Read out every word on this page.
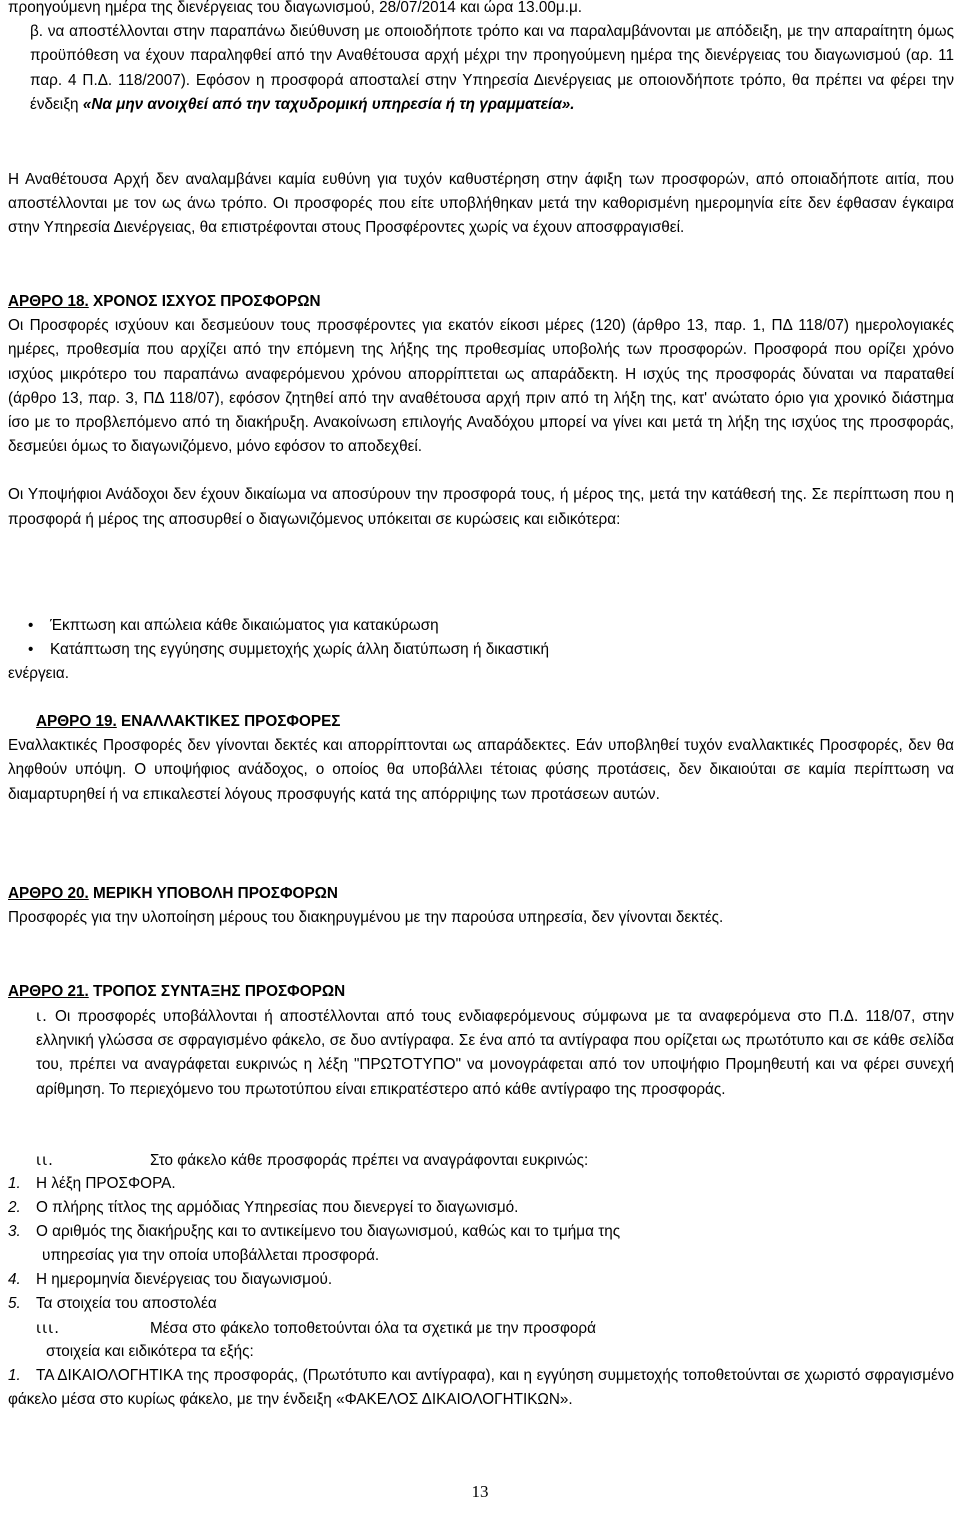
προηγούμενη ημέρα της διενέργειας του διαγωνισμού, 28/07/2014 και ώρα 13.00μ.μ.

β. να αποστέλλονται στην παραπάνω διεύθυνση με οποιοδήποτε τρόπο και να παραλαμβάνονται με απόδειξη, με την απαραίτητη όμως προϋπόθεση να έχουν παραληφθεί από την Αναθέτουσα αρχή μέχρι την προηγούμενη ημέρα της διενέργειας του διαγωνισμού (αρ. 11 παρ. 4 Π.Δ. 118/2007). Εφόσον η προσφορά αποσταλεί στην Υπηρεσία Διενέργειας με οποιονδήποτε τρόπο, θα πρέπει να φέρει την ένδειξη «Να μην ανοιχθεί από την ταχυδρομική υπηρεσία ή τη γραμματεία».

Η Αναθέτουσα Αρχή δεν αναλαμβάνει καμία ευθύνη για τυχόν καθυστέρηση στην άφιξη των προσφορών, από οποιαδήποτε αιτία, που αποστέλλονται με τον ως άνω τρόπο. Οι προσφορές που είτε υποβλήθηκαν μετά την καθορισμένη ημερομηνία είτε δεν έφθασαν έγκαιρα στην Υπηρεσία Διενέργειας, θα επιστρέφονται στους Προσφέροντες χωρίς να έχουν αποσφραγισθεί.

ΑΡΘΡΟ 18. ΧΡΟΝΟΣ ΙΣΧΥΟΣ ΠΡΟΣΦΟΡΩΝ

Οι Προσφορές ισχύουν και δεσμεύουν τους προσφέροντες για εκατόν είκοσι μέρες (120) (άρθρο 13, παρ. 1, ΠΔ 118/07) ημερολογιακές ημέρες, προθεσμία που αρχίζει από την επόμενη της λήξης της προθεσμίας υποβολής των προσφορών. Προσφορά που ορίζει χρόνο ισχύος μικρότερο του παραπάνω αναφερόμενου χρόνου απορρίπτεται ως απαράδεκτη. Η ισχύς της προσφοράς δύναται να παραταθεί (άρθρο 13, παρ. 3, ΠΔ 118/07), εφόσον ζητηθεί από την αναθέτουσα αρχή πριν από τη λήξη της, κατ' ανώτατο όριο για χρονικό διάστημα ίσο με το προβλεπόμενο από τη διακήρυξη. Ανακοίνωση επιλογής Αναδόχου μπορεί να γίνει και μετά τη λήξη της ισχύος της προσφοράς, δεσμεύει όμως το διαγωνιζόμενο, μόνο εφόσον το αποδεχθεί.

Οι Υποψήφιοι Ανάδοχοι δεν έχουν δικαίωμα να αποσύρουν την προσφορά τους, ή μέρος της, μετά την κατάθεσή της. Σε περίπτωση που η προσφορά ή μέρος της αποσυρθεί ο διαγωνιζόμενος υπόκειται σε κυρώσεις και ειδικότερα:

• Έκπτωση και απώλεια κάθε δικαιώματος για κατακύρωση
• Κατάπτωση της εγγύησης συμμετοχής χωρίς άλλη διατύπωση ή δικαστική

ενέργεια.

ΑΡΘΡΟ 19. ΕΝΑΛΛΑΚΤΙΚΕΣ ΠΡΟΣΦΟΡΕΣ

Εναλλακτικές Προσφορές δεν γίνονται δεκτές και απορρίπτονται ως απαράδεκτες. Εάν υποβληθεί τυχόν εναλλακτικές Προσφορές, δεν θα ληφθούν υπόψη. Ο υποψήφιος ανάδοχος, ο οποίος θα υποβάλλει τέτοιας φύσης προτάσεις, δεν δικαιούται σε καμία περίπτωση να διαμαρτυρηθεί ή να επικαλεστεί λόγους προσφυγής κατά της απόρριψης των προτάσεων αυτών.

ΑΡΘΡΟ 20. ΜΕΡΙΚΗ ΥΠΟΒΟΛΗ ΠΡΟΣΦΟΡΩΝ

Προσφορές για την υλοποίηση μέρους του διακηρυγμένου με την παρούσα υπηρεσία, δεν γίνονται δεκτές.

ΑΡΘΡΟ 21. ΤΡΟΠΟΣ ΣΥΝΤΑΞΗΣ ΠΡΟΣΦΟΡΩΝ

ι. Οι προσφορές υποβάλλονται ή αποστέλλονται από τους ενδιαφερόμενους σύμφωνα με τα αναφερόμενα στο Π.Δ. 118/07, στην ελληνική γλώσσα σε σφραγισμένο φάκελο, σε δυο αντίγραφα. Σε ένα από τα αντίγραφα που ορίζεται ως πρωτότυπο και σε κάθε σελίδα του, πρέπει να αναγράφεται ευκρινώς η λέξη "ΠΡΩΤΟΤΥΠΟ" να μονογράφεται από τον υποψήφιο Προμηθευτή και να φέρει συνεχή αρίθμηση. Το περιεχόμενο του πρωτοτύπου είναι επικρατέστερο από κάθε αντίγραφο της προσφοράς.
ιι.	Στο φάκελο κάθε προσφοράς πρέπει να αναγράφονται ευκρινώς:
1. Η λέξη ΠΡΟΣΦΟΡΑ.
2. Ο πλήρης τίτλος της αρμόδιας Υπηρεσίας που διενεργεί το διαγωνισμό.
3. Ο αριθμός της διακήρυξης και το αντικείμενο του διαγωνισμού, καθώς και το τμήμα της
υπηρεσίας για την οποία υποβάλλεται προσφορά.
4. Η ημερομηνία διενέργειας του διαγωνισμού.
5. Τα στοιχεία του αποστολέα
ιιι.	Μέσα στο φάκελο τοποθετούνται όλα τα σχετικά με την προσφορά

στοιχεία και ειδικότερα τα εξής:

1. ΤΑ ΔΙΚΑΙΟΛΟΓΗΤΙΚΑ της προσφοράς, (Πρωτότυπο και αντίγραφα), και η εγγύηση συμμετοχής τοποθετούνται σε χωριστό σφραγισμένο φάκελο μέσα στο κυρίως φάκελο, με την ένδειξη «ΦΑΚΕΛΟΣ ΔΙΚΑΙΟΛΟΓΗΤΙΚΩΝ».
13
